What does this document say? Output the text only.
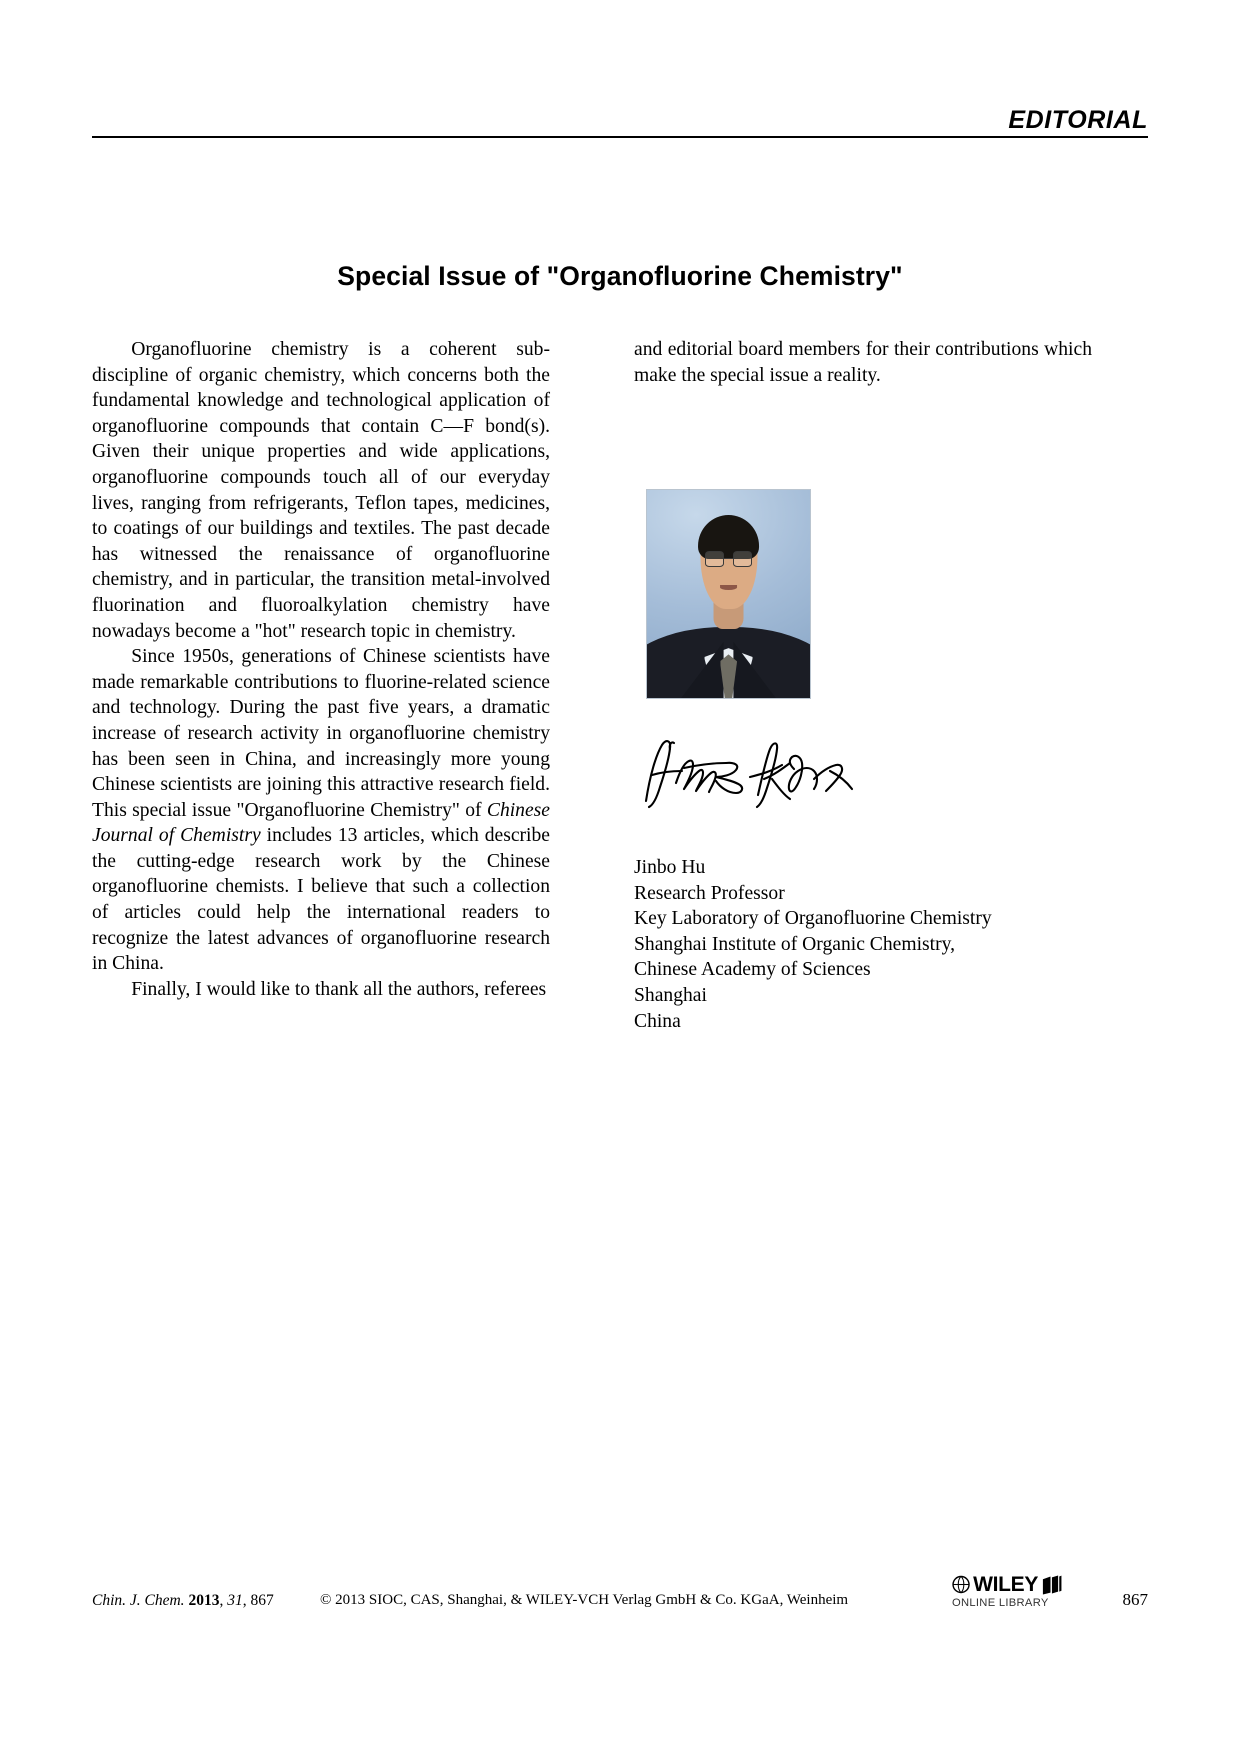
EDITORIAL
Special Issue of "Organofluorine Chemistry"

Organofluorine chemistry is a coherent sub-discipline of organic chemistry, which concerns both the fundamental knowledge and technological application of organofluorine compounds that contain C—F bond(s). Given their unique properties and wide applications, organofluorine compounds touch all of our everyday lives, ranging from refrigerants, Teflon tapes, medicines, to coatings of our buildings and textiles. The past decade has witnessed the renaissance of organofluorine chemistry, and in particular, the transition metal-involved fluorination and fluoroalkylation chemistry have nowadays become a "hot" research topic in chemistry.

Since 1950s, generations of Chinese scientists have made remarkable contributions to fluorine-related science and technology. During the past five years, a dramatic increase of research activity in organofluorine chemistry has been seen in China, and increasingly more young Chinese scientists are joining this attractive research field. This special issue "Organofluorine Chemistry" of Chinese Journal of Chemistry includes 13 articles, which describe the cutting-edge research work by the Chinese organofluorine chemists. I believe that such a collection of articles could help the international readers to recognize the latest advances of organofluorine research in China.

Finally, I would like to thank all the authors, referees

and editorial board members for their contributions which make the special issue a reality.

Jinbo Hu
Research Professor
Key Laboratory of Organofluorine Chemistry
Shanghai Institute of Organic Chemistry,
Chinese Academy of Sciences
Shanghai
China
Chin. J. Chem. 2013, 31, 867	© 2013 SIOC, CAS, Shanghai, & WILEY-VCH Verlag GmbH & Co. KGaA, Weinheim
WILEY
ONLINE LIBRARY	867
